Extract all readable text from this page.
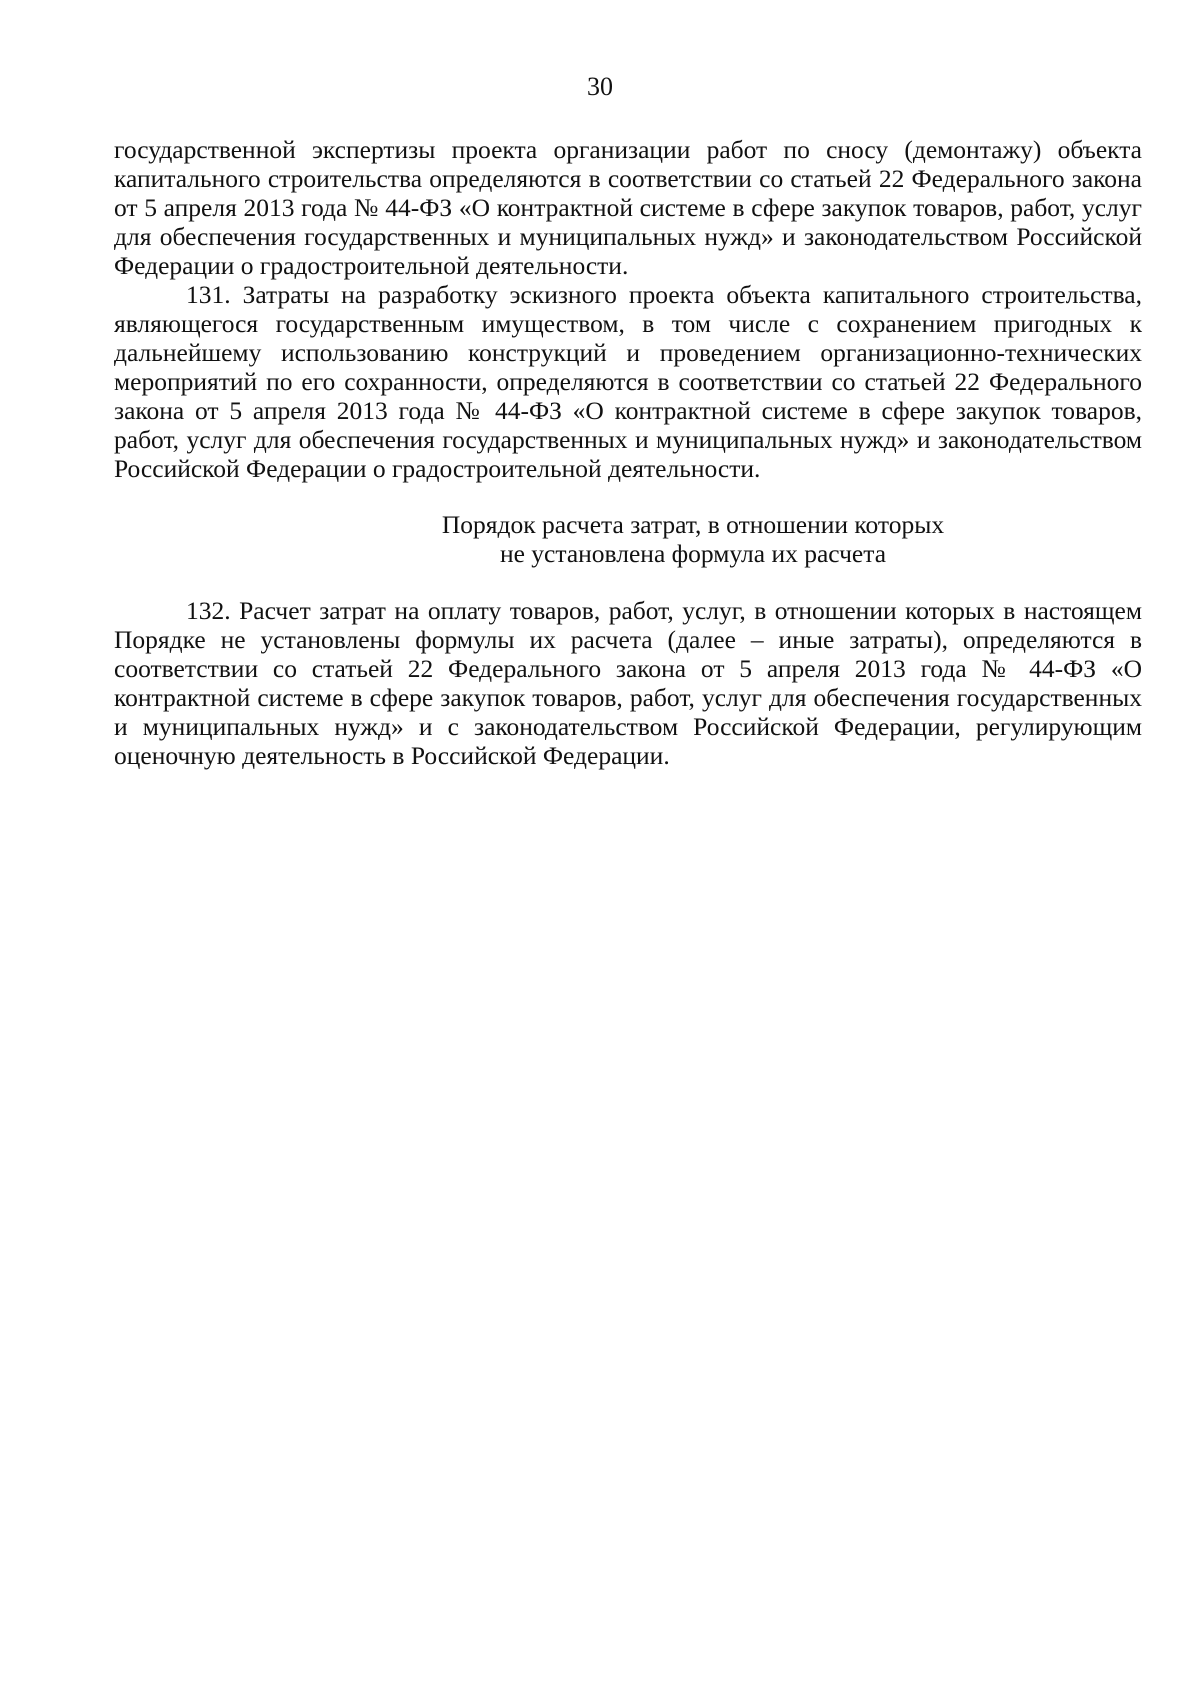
30

государственной экспертизы проекта организации работ по сносу (демонтажу) объекта капитального строительства определяются в соответствии со статьей 22 Федерального закона от 5 апреля 2013 года № 44-ФЗ «О контрактной системе в сфере закупок товаров, работ, услуг для обеспечения государственных и муниципальных нужд» и законодательством Российской Федерации о градостроительной деятельности.

131. Затраты на разработку эскизного проекта объекта капитального строительства, являющегося государственным имуществом, в том числе с сохранением пригодных к дальнейшему использованию конструкций и проведением организационно-технических мероприятий по его сохранности, определяются в соответствии со статьей 22 Федерального закона от 5 апреля 2013 года № 44-ФЗ «О контрактной системе в сфере закупок товаров, работ, услуг для обеспечения государственных и муниципальных нужд» и законодательством Российской Федерации о градостроительной деятельности.

Порядок расчета затрат, в отношении которых
не установлена формула их расчета

132. Расчет затрат на оплату товаров, работ, услуг, в отношении которых в настоящем Порядке не установлены формулы их расчета (далее – иные затраты), определяются в соответствии со статьей 22 Федерального закона от 5 апреля 2013 года № 44-ФЗ «О контрактной системе в сфере закупок товаров, работ, услуг для обеспечения государственных и муниципальных нужд» и с законодательством Российской Федерации, регулирующим оценочную деятельность в Российской Федерации.
